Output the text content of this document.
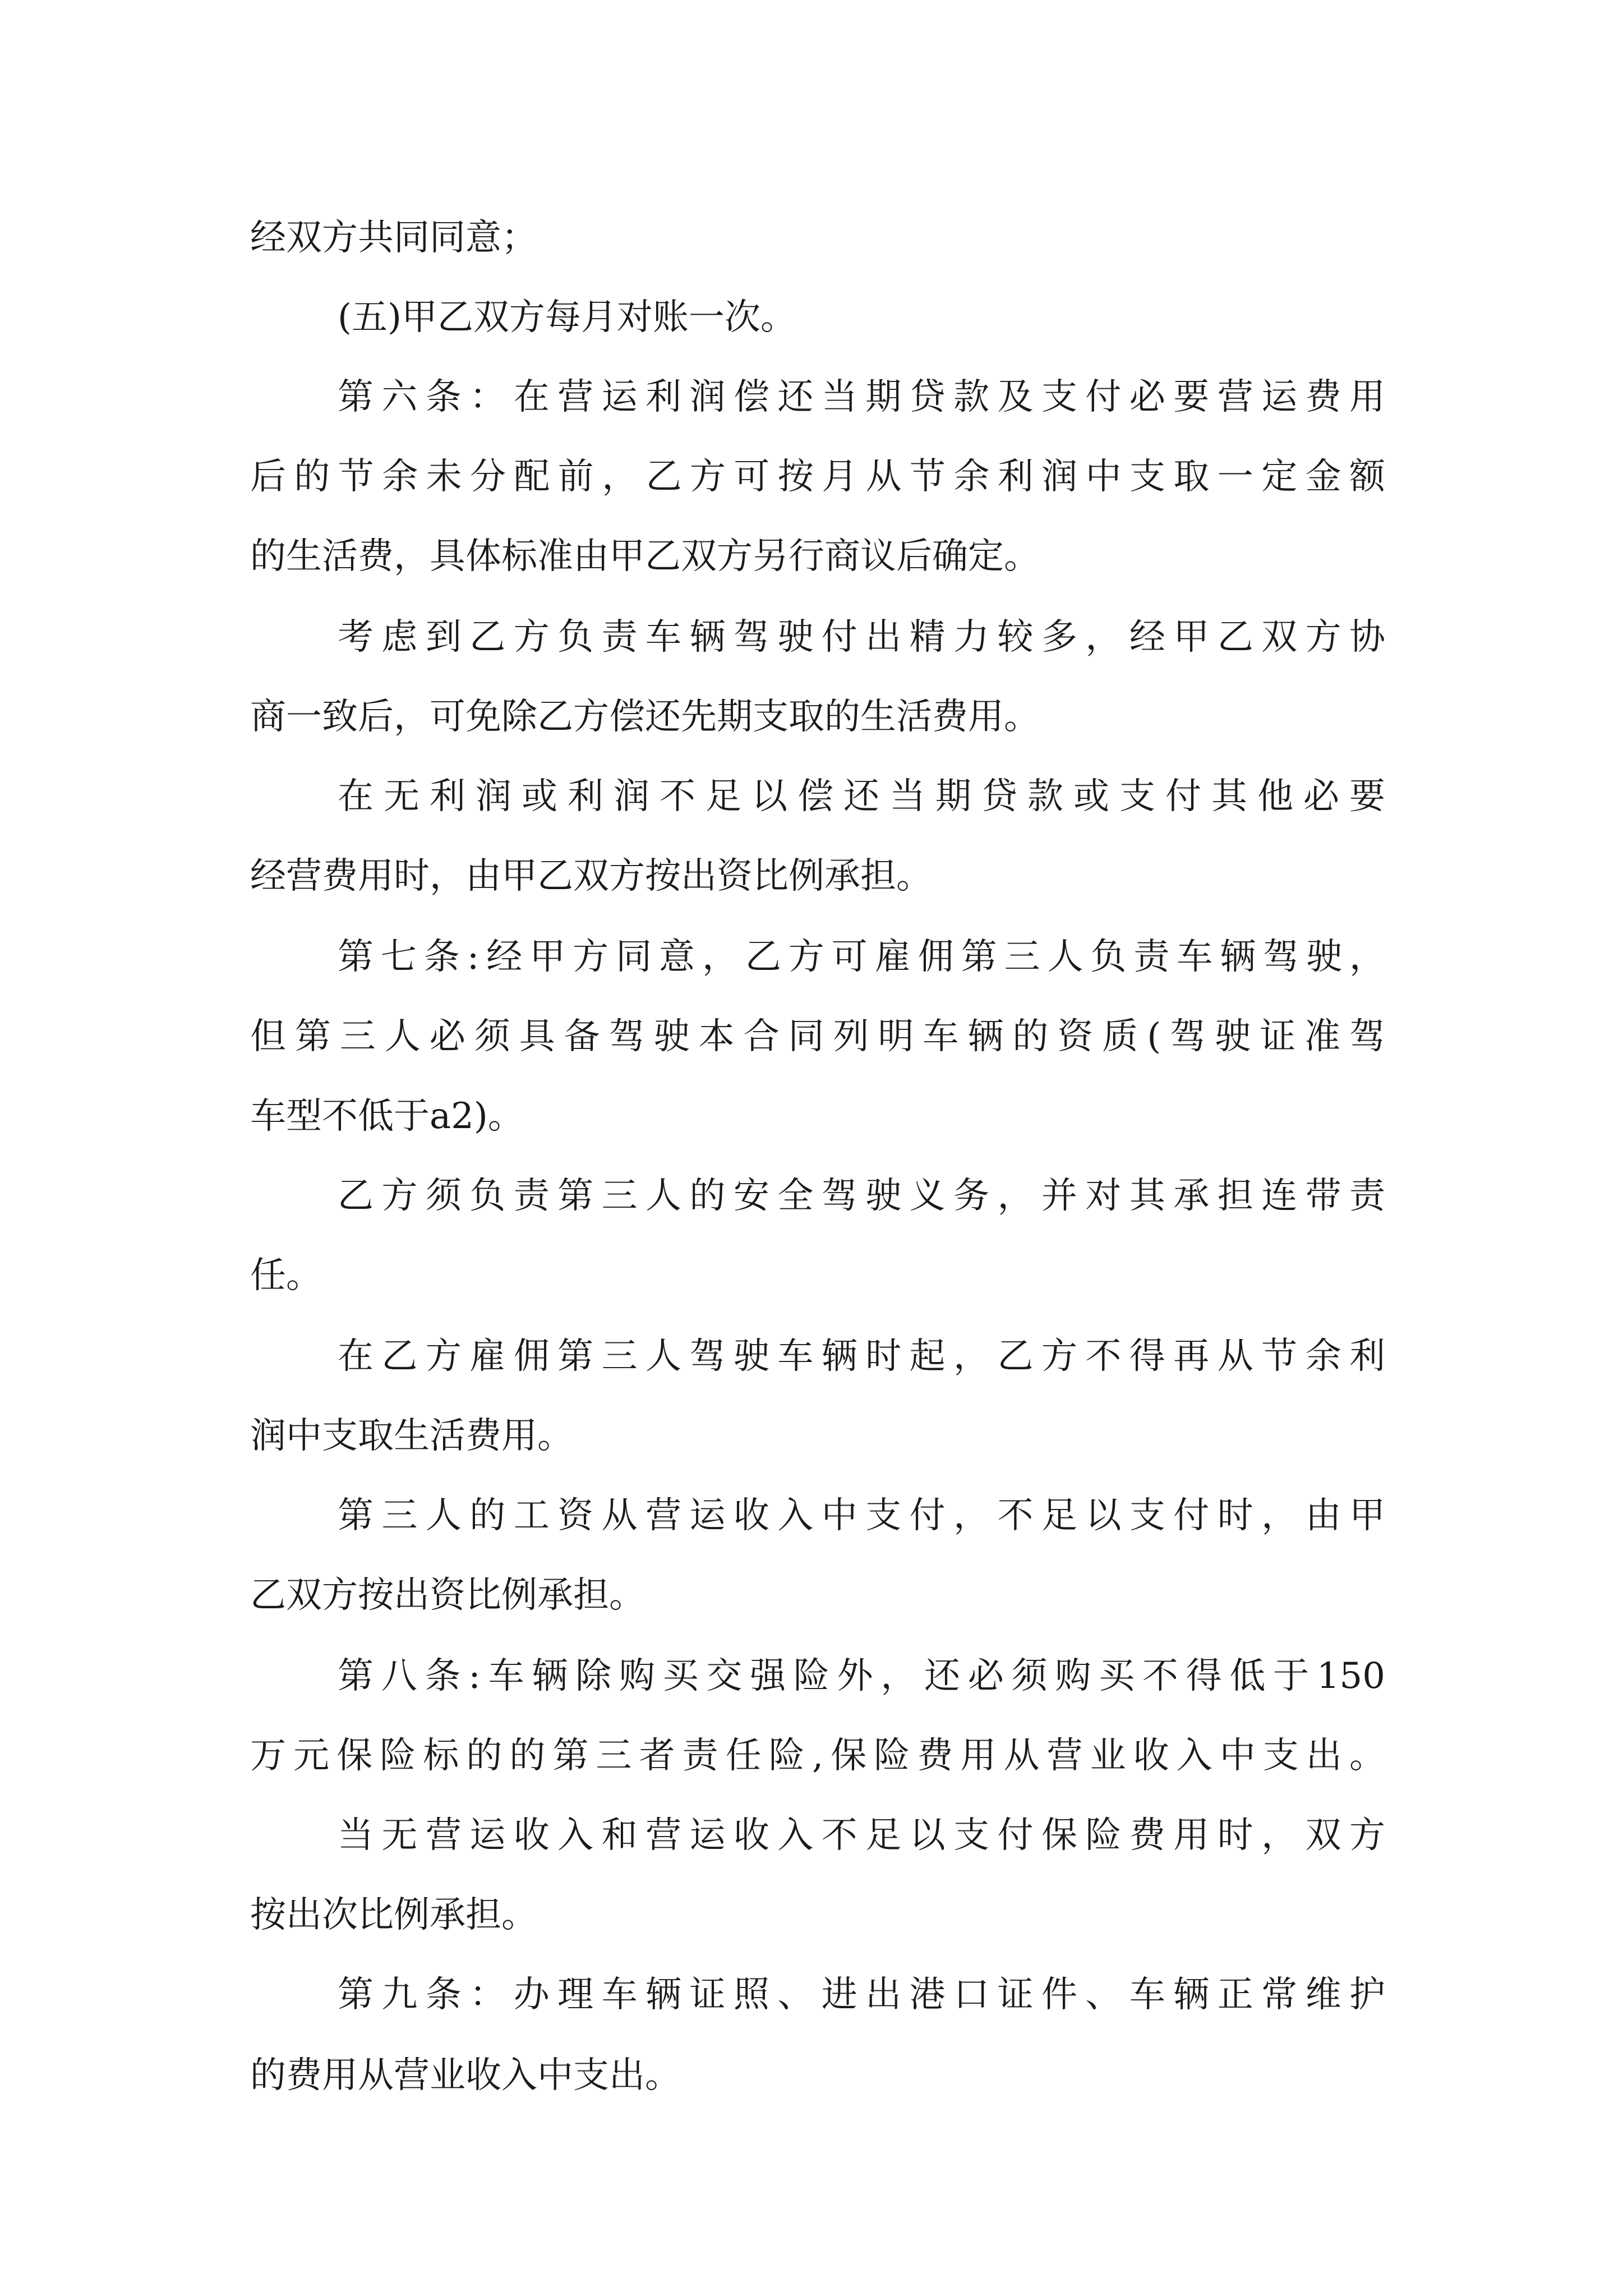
经双方共同同意；
(五)甲乙双方每月对账一次。
第六条：在营运利润偿还当期贷款及支付必要营运费用
后的节余未分配前，乙方可按月从节余利润中支取一定金额
的生活费，具体标准由甲乙双方另行商议后确定。
考虑到乙方负责车辆驾驶付出精力较多，经甲乙双方协
商一致后，可免除乙方偿还先期支取的生活费用。
在无利润或利润不足以偿还当期贷款或支付其他必要
经营费用时，由甲乙双方按出资比例承担。
第七条:经甲方同意，乙方可雇佣第三人负责车辆驾驶，
但第三人必须具备驾驶本合同列明车辆的资质(驾驶证准驾
车型不低于a2)。
乙方须负责第三人的安全驾驶义务，并对其承担连带责
任。
在乙方雇佣第三人驾驶车辆时起，乙方不得再从节余利
润中支取生活费用。
第三人的工资从营运收入中支付，不足以支付时，由甲
乙双方按出资比例承担。
第八条:车辆除购买交强险外，还必须购买不得低于150
万元保险标的的第三者责任险,保险费用从营业收入中支出。
当无营运收入和营运收入不足以支付保险费用时，双方
按出次比例承担。
第九条：办理车辆证照、进出港口证件、车辆正常维护
的费用从营业收入中支出。
